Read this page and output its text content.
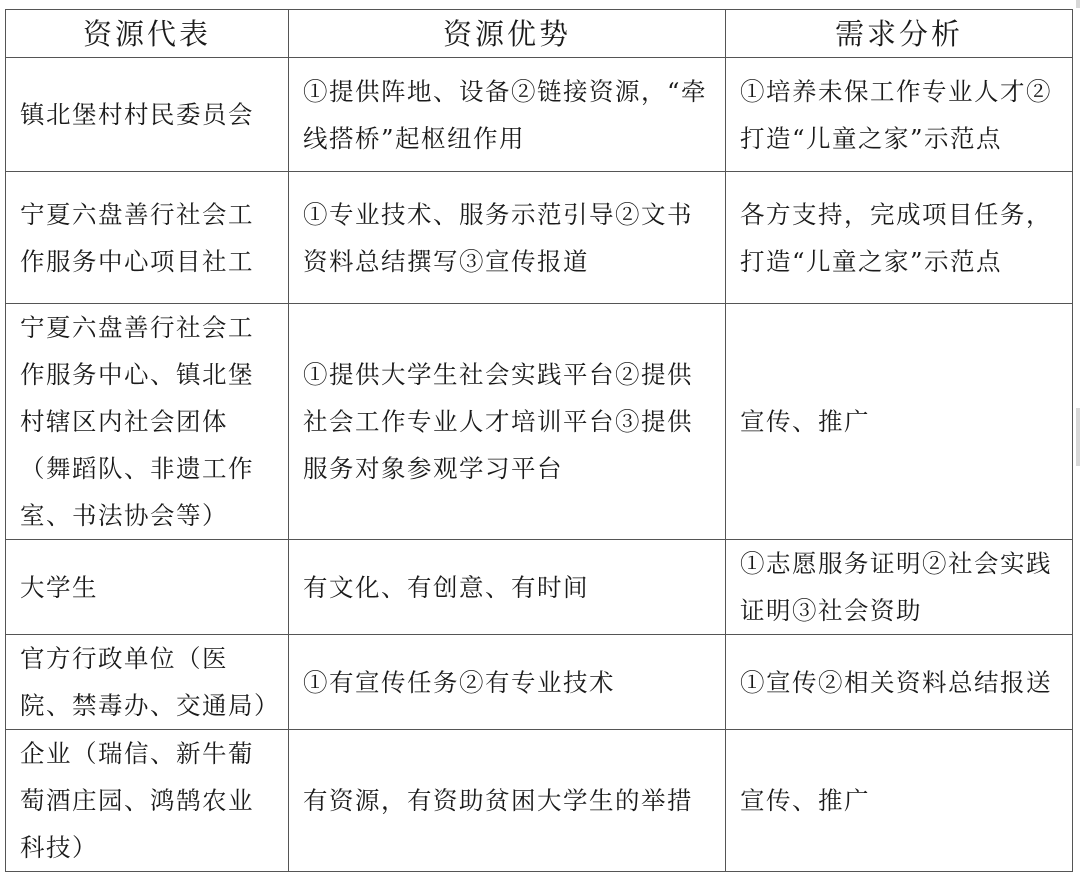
资源代表	资源优势	需求分析
镇北堡村村民委员会	①提供阵地、设备②链接资源，“牵线搭桥”起枢纽作用	①培养未保工作专业人才②打造“儿童之家”示范点
宁夏六盘善行社会工作服务中心项目社工	①专业技术、服务示范引导②文书资料总结撰写③宣传报道	各方支持，完成项目任务，打造“儿童之家”示范点
宁夏六盘善行社会工作服务中心、镇北堡村辖区内社会团体（舞蹈队、非遗工作室、书法协会等）	①提供大学生社会实践平台②提供社会工作专业人才培训平台③提供服务对象参观学习平台	宣传、推广
大学生	有文化、有创意、有时间	①志愿服务证明②社会实践证明③社会资助
官方行政单位（医院、禁毒办、交通局）	①有宣传任务②有专业技术	①宣传②相关资料总结报送
企业（瑞信、新牛葡萄酒庄园、鸿鹄农业科技）	有资源，有资助贫困大学生的举措	宣传、推广
